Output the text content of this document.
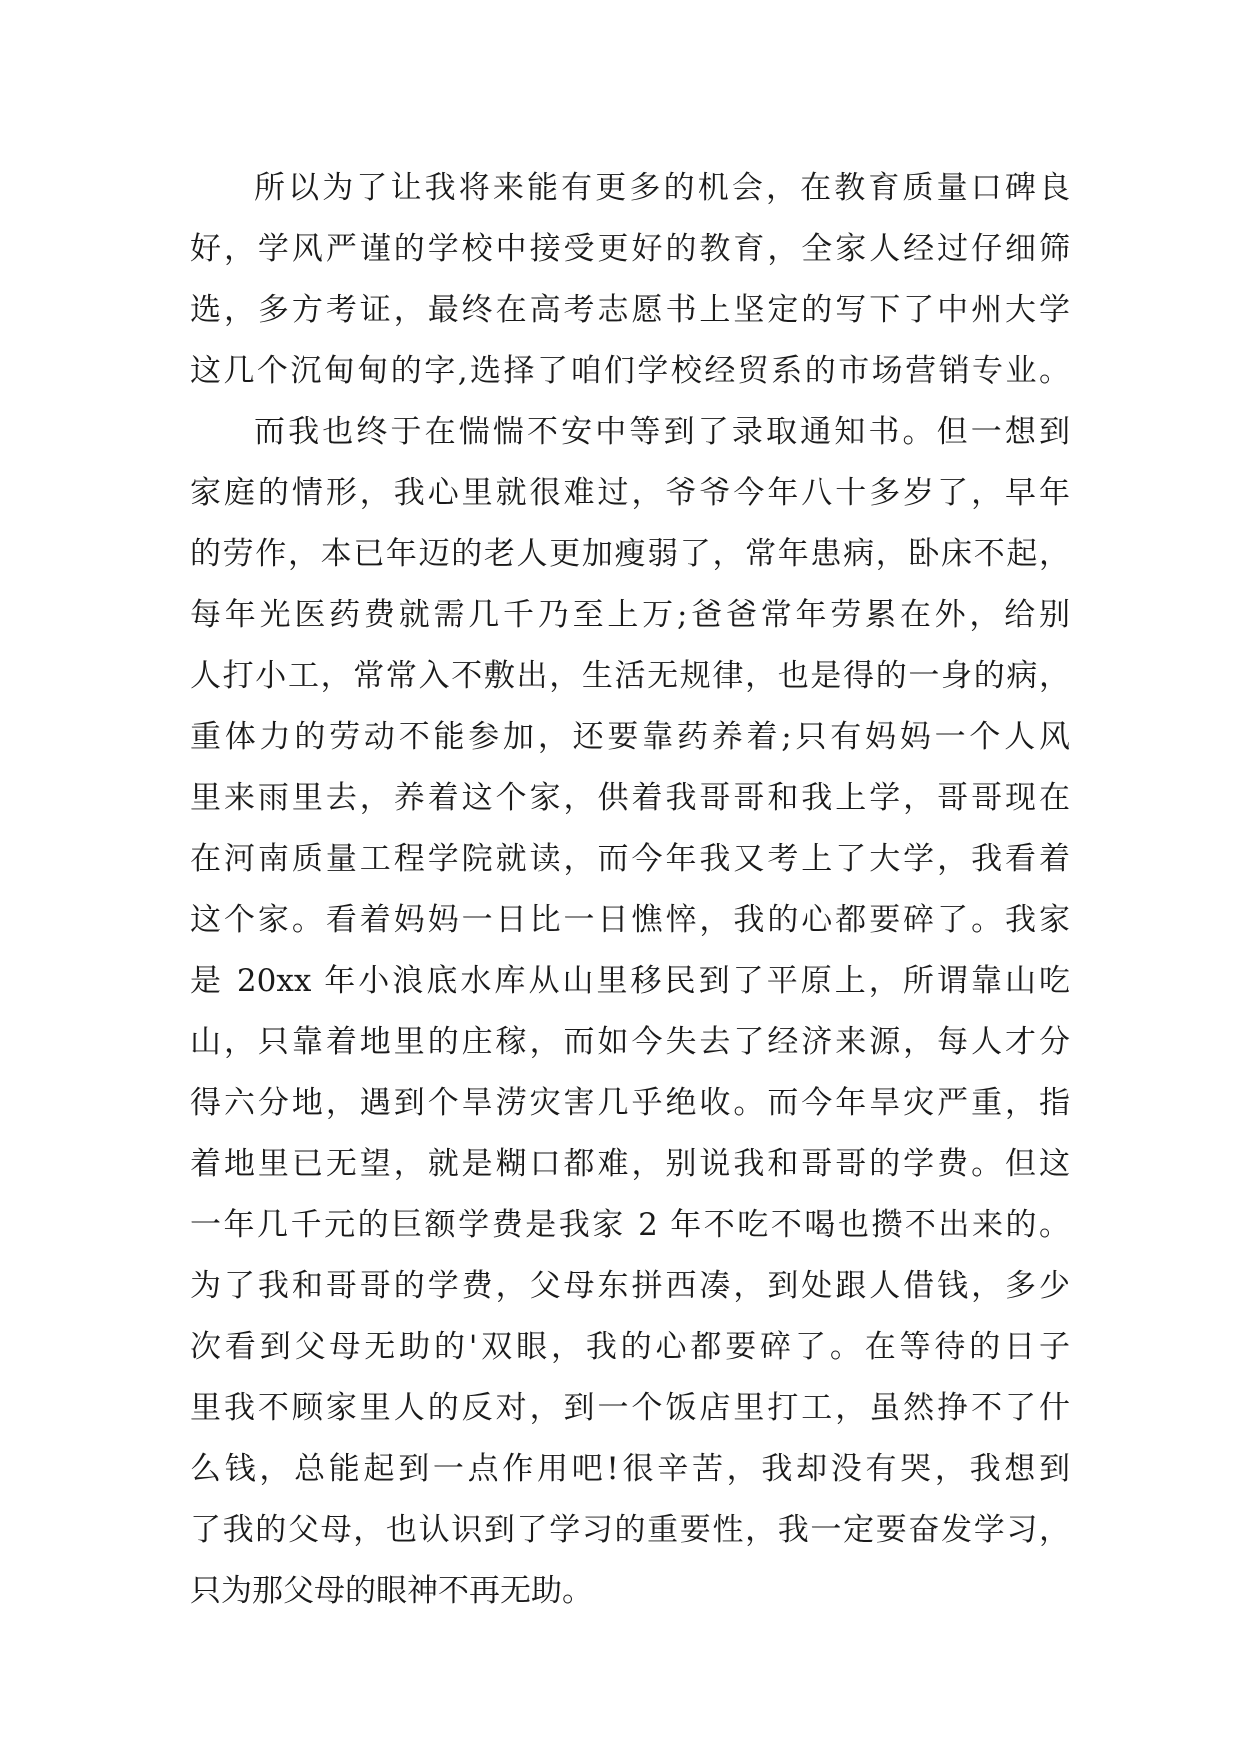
所以为了让我将来能有更多的机会，在教育质量口碑良
好，学风严谨的学校中接受更好的教育，全家人经过仔细筛
选，多方考证，最终在高考志愿书上坚定的写下了中州大学
这几个沉甸甸的字,选择了咱们学校经贸系的市场营销专业。
而我也终于在惴惴不安中等到了录取通知书。但一想到
家庭的情形，我心里就很难过，爷爷今年八十多岁了，早年
的劳作，本已年迈的老人更加瘦弱了，常年患病，卧床不起，
每年光医药费就需几千乃至上万;爸爸常年劳累在外，给别
人打小工，常常入不敷出，生活无规律，也是得的一身的病，
重体力的劳动不能参加，还要靠药养着;只有妈妈一个人风
里来雨里去，养着这个家，供着我哥哥和我上学，哥哥现在
在河南质量工程学院就读，而今年我又考上了大学，我看着
这个家。看着妈妈一日比一日憔悴，我的心都要碎了。我家
是 20xx 年小浪底水库从山里移民到了平原上，所谓靠山吃
山，只靠着地里的庄稼，而如今失去了经济来源，每人才分
得六分地，遇到个旱涝灾害几乎绝收。而今年旱灾严重，指
着地里已无望，就是糊口都难，别说我和哥哥的学费。但这
一年几千元的巨额学费是我家 2 年不吃不喝也攒不出来的。
为了我和哥哥的学费，父母东拼西凑，到处跟人借钱，多少
次看到父母无助的'双眼，我的心都要碎了。在等待的日子
里我不顾家里人的反对，到一个饭店里打工，虽然挣不了什
么钱，总能起到一点作用吧!很辛苦，我却没有哭，我想到
了我的父母，也认识到了学习的重要性，我一定要奋发学习，
只为那父母的眼神不再无助。
